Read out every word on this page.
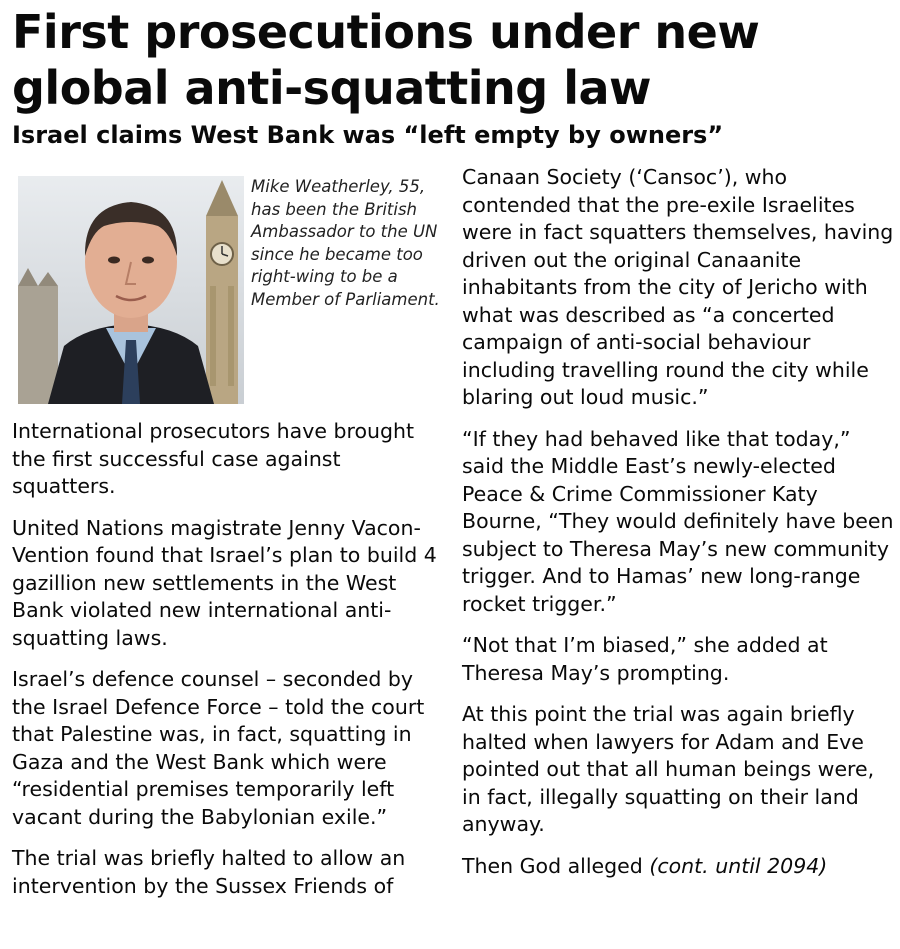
First prosecutions under new global anti-squatting law
Israel claims West Bank was “left empty by owners”
Mike Weatherley, 55, has been the British Ambassador to the UN since he became too right-wing to be a Member of Parliament.

International prosecutors have brought the first successful case against squatters.

United Nations magistrate Jenny Vacon-Vention found that Israel’s plan to build 4 gazillion new settlements in the West Bank violated new international anti-squatting laws.

Israel’s defence counsel – seconded by the Israel Defence Force – told the court that Palestine was, in fact, squatting in Gaza and the West Bank which were “residential premises temporarily left vacant during the Babylonian exile.”

The trial was briefly halted to allow an intervention by the Sussex Friends of

Canaan Society (‘Cansoc’), who contended that the pre-exile Israelites were in fact squatters themselves, having driven out the original Canaanite inhabitants from the city of Jericho with what was described as “a concerted campaign of anti-social behaviour including travelling round the city while blaring out loud music.”

“If they had behaved like that today,” said the Middle East’s newly-elected Peace & Crime Commissioner Katy Bourne, “They would definitely have been subject to Theresa May’s new community trigger. And to Hamas’ new long-range rocket trigger.”

“Not that I’m biased,” she added at Theresa May’s prompting.

At this point the trial was again briefly halted when lawyers for Adam and Eve pointed out that all human beings were, in fact, illegally squatting on their land anyway.

Then God alleged (cont. until 2094)
